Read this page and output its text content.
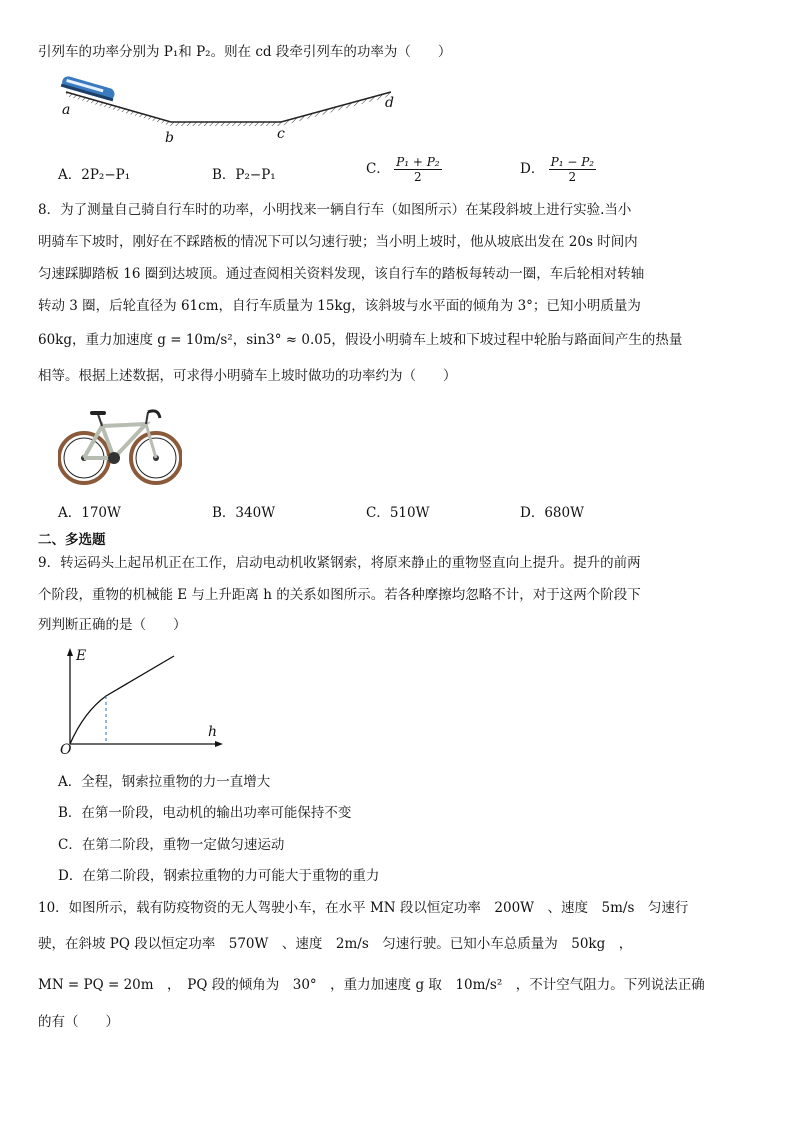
引列车的功率分别为 P₁和 P₂。则在 cd 段牵引列车的功率为（　　）
a
b	c
d
A．2P₂−P₁	B．P₂−P₁	C． $\frac{\text{P₁ + P₂}}{2}$	D． $\frac{\text{P₁ − P₂}}{2}$
8．为了测量自己骑自行车时的功率，小明找来一辆自行车（如图所示）在某段斜坡上进行实验.当小
明骑车下坡时，刚好在不踩踏板的情况下可以匀速行驶；当小明上坡时，他从坡底出发在 20s 时间内
匀速踩脚踏板 16 圈到达坡顶。通过查阅相关资料发现，该自行车的踏板每转动一圈，车后轮相对转轴
转动 3 圈，后轮直径为 61cm，自行车质量为 15kg，该斜坡与水平面的倾角为 3°；已知小明质量为
60kg，重力加速度 g = 10m/s²，sin3° ≈ 0.05，假设小明骑车上坡和下坡过程中轮胎与路面间产生的热量
相等。根据上述数据，可求得小明骑车上坡时做功的功率约为（　　）
A．170W	B．340W	C．510W	D．680W
二、多选题
9．转运码头上起吊机正在工作，启动电动机收紧钢索，将原来静止的重物竖直向上提升。提升的前两
个阶段，重物的机械能 E 与上升距离 h 的关系如图所示。若各种摩擦均忽略不计，对于这两个阶段下
列判断正确的是（　　）
E
h
O
A．全程，钢索拉重物的力一直增大
B．在第一阶段，电动机的输出功率可能保持不变
C．在第二阶段，重物一定做匀速运动
D．在第二阶段，钢索拉重物的力可能大于重物的重力
10．如图所示，载有防疫物资的无人驾驶小车，在水平 MN 段以恒定功率　200W　、速度　5m/s　匀速行
驶，在斜坡 PQ 段以恒定功率　570W　、速度　2m/s　匀速行驶。已知小车总质量为　50kg　，
MN = PQ = 20m　，　PQ 段的倾角为　30°　，重力加速度 g 取　10m/s²　，不计空气阻力。下列说法正确
的有（　　）
